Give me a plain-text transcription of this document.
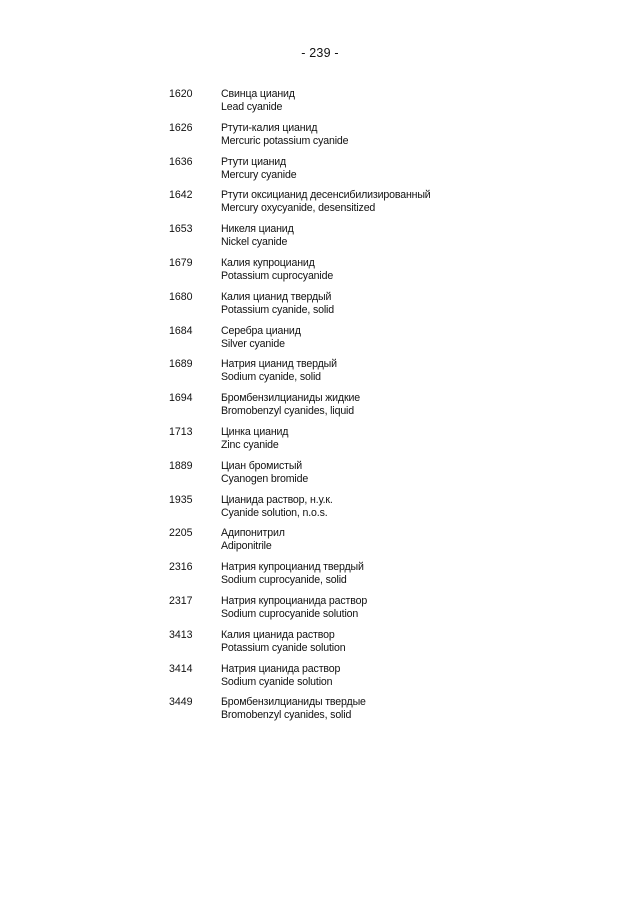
- 239 -
1620	Свинца цианид
Lead cyanide
1626	Ртути-калия цианид
Mercuric potassium cyanide
1636	Ртути цианид
Mercury cyanide
1642	Ртути оксицианид десенсибилизированный
Mercury oxycyanide, desensitized
1653	Никеля цианид
Nickel cyanide
1679	Калия купроцианид
Potassium cuprocyanide
1680	Калия цианид твердый
Potassium cyanide, solid
1684	Серебра цианид
Silver cyanide
1689	Натрия цианид твердый
Sodium cyanide, solid
1694	Бромбензилцианиды жидкие
Bromobenzyl cyanides, liquid
1713	Цинка цианид
Zinc cyanide
1889	Циан бромистый
Cyanogen bromide
1935	Цианида раствор, н.у.к.
Cyanide solution, n.o.s.
2205	Адипонитрил
Adiponitrile
2316	Натрия купроцианид твердый
Sodium cuprocyanide, solid
2317	Натрия купроцианида раствор
Sodium cuprocyanide solution
3413	Калия цианида раствор
Potassium cyanide solution
3414	Натрия цианида раствор
Sodium cyanide solution
3449	Бромбензилцианиды твердые
Bromobenzyl cyanides, solid
